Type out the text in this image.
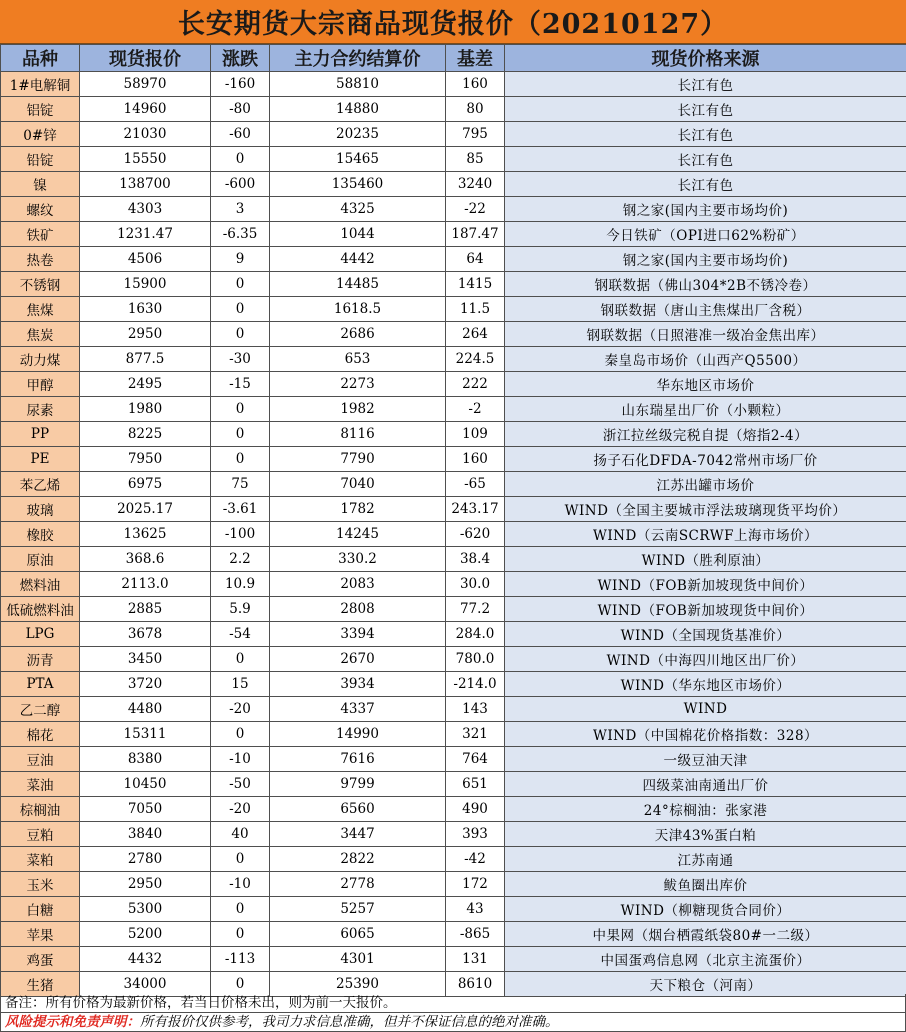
长安期货大宗商品现货报价（20210127）
品种	现货报价	涨跌	主力合约结算价	基差	现货价格来源
1#电解铜	58970	-160	58810	160	长江有色
铝锭	14960	-80	14880	80	长江有色
0#锌	21030	-60	20235	795	长江有色
铅锭	15550	0	15465	85	长江有色
镍	138700	-600	135460	3240	长江有色
螺纹	4303	3	4325	-22	钢之家(国内主要市场均价)
铁矿	1231.47	-6.35	1044	187.47	今日铁矿（OPI进口62%粉矿）
热卷	4506	9	4442	64	钢之家(国内主要市场均价)
不锈钢	15900	0	14485	1415	钢联数据（佛山304*2B不锈冷卷）
焦煤	1630	0	1618.5	11.5	钢联数据（唐山主焦煤出厂含税）
焦炭	2950	0	2686	264	钢联数据（日照港准一级冶金焦出库）
动力煤	877.5	-30	653	224.5	秦皇岛市场价（山西产Q5500）
甲醇	2495	-15	2273	222	华东地区市场价
尿素	1980	0	1982	-2	山东瑞星出厂价（小颗粒）
PP	8225	0	8116	109	浙江拉丝级完税自提（熔指2-4）
PE	7950	0	7790	160	扬子石化DFDA-7042常州市场厂价
苯乙烯	6975	75	7040	-65	江苏出罐市场价
玻璃	2025.17	-3.61	1782	243.17	WIND（全国主要城市浮法玻璃现货平均价）
橡胶	13625	-100	14245	-620	WIND（云南SCRWF上海市场价）
原油	368.6	2.2	330.2	38.4	WIND（胜利原油）
燃料油	2113.0	10.9	2083	30.0	WIND（FOB新加坡现货中间价）
低硫燃料油	2885	5.9	2808	77.2	WIND（FOB新加坡现货中间价）
LPG	3678	-54	3394	284.0	WIND（全国现货基准价）
沥青	3450	0	2670	780.0	WIND（中海四川地区出厂价）
PTA	3720	15	3934	-214.0	WIND（华东地区市场价）
乙二醇	4480	-20	4337	143	WIND
棉花	15311	0	14990	321	WIND（中国棉花价格指数：328）
豆油	8380	-10	7616	764	一级豆油天津
菜油	10450	-50	9799	651	四级菜油南通出厂价
棕榈油	7050	-20	6560	490	24°棕榈油：张家港
豆粕	3840	40	3447	393	天津43%蛋白粕
菜粕	2780	0	2822	-42	江苏南通
玉米	2950	-10	2778	172	鲅鱼圈出库价
白糖	5300	0	5257	43	WIND（柳糖现货合同价）
苹果	5200	0	6065	-865	中果网（烟台栖霞纸袋80#一二级）
鸡蛋	4432	-113	4301	131	中国蛋鸡信息网（北京主流蛋价）
生猪	34000	0	25390	8610	天下粮仓（河南）
备注：所有价格为最新价格，若当日价格未出，则为前一天报价。
风险提示和免责声明：所有报价仅供参考，我司力求信息准确，但并不保证信息的绝对准确。
